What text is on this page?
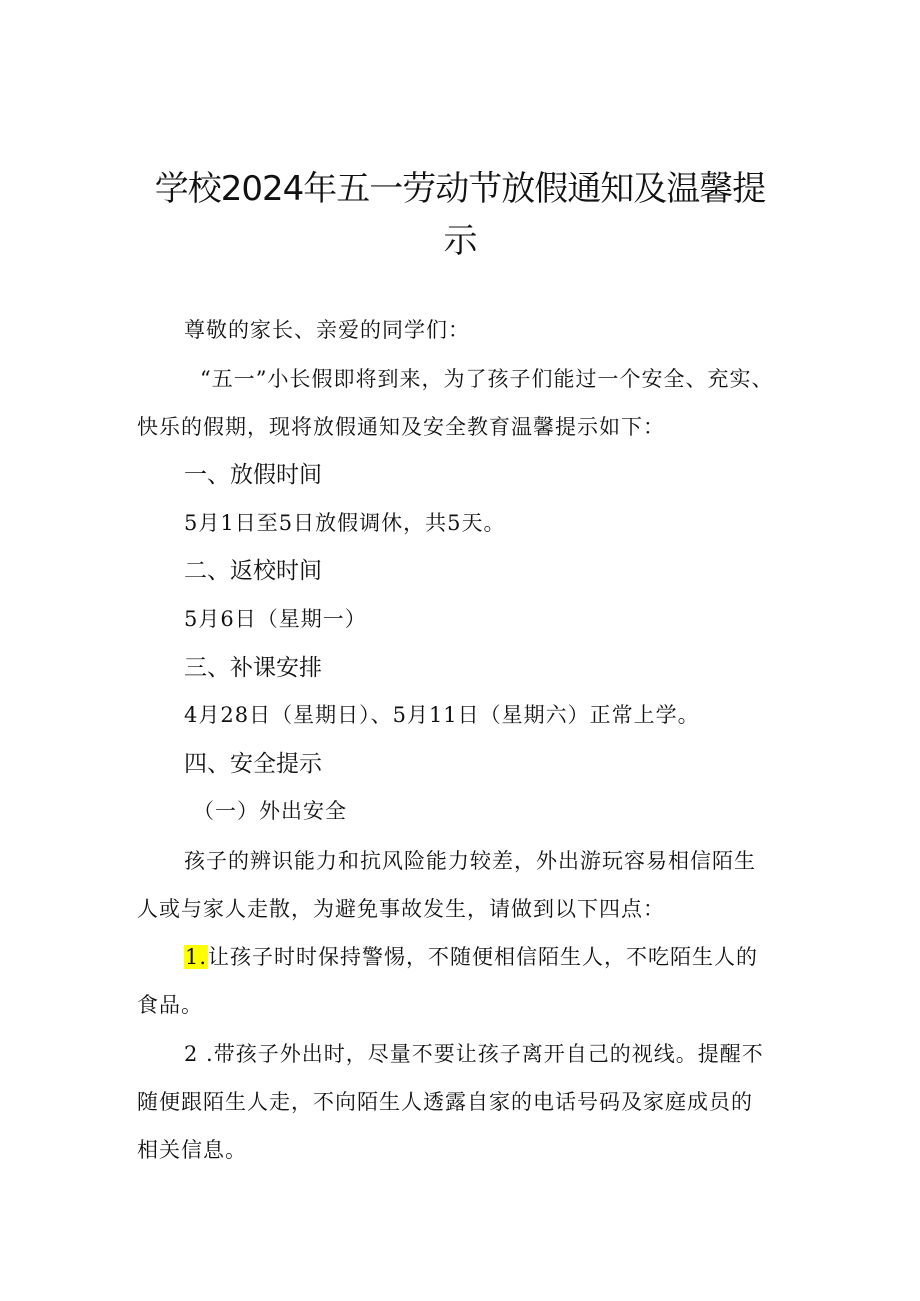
学校2024年五一劳动节放假通知及温馨提
示
尊敬的家长、亲爱的同学们：
“五一”小长假即将到来，为了孩子们能过一个安全、充实、
快乐的假期，现将放假通知及安全教育温馨提示如下：
一、放假时间
5月1日至5日放假调休，共5天。
二、返校时间
5月6日（星期一）
三、补课安排
4月28日（星期日）、5月11日（星期六）正常上学。
四、安全提示
（一）外出安全
孩子的辨识能力和抗风险能力较差，外出游玩容易相信陌生
人或与家人走散，为避免事故发生，请做到以下四点：
1.让孩子时时保持警惕，不随便相信陌生人，不吃陌生人的
食品。
2 .带孩子外出时，尽量不要让孩子离开自己的视线。提醒不
随便跟陌生人走，不向陌生人透露自家的电话号码及家庭成员的
相关信息。
